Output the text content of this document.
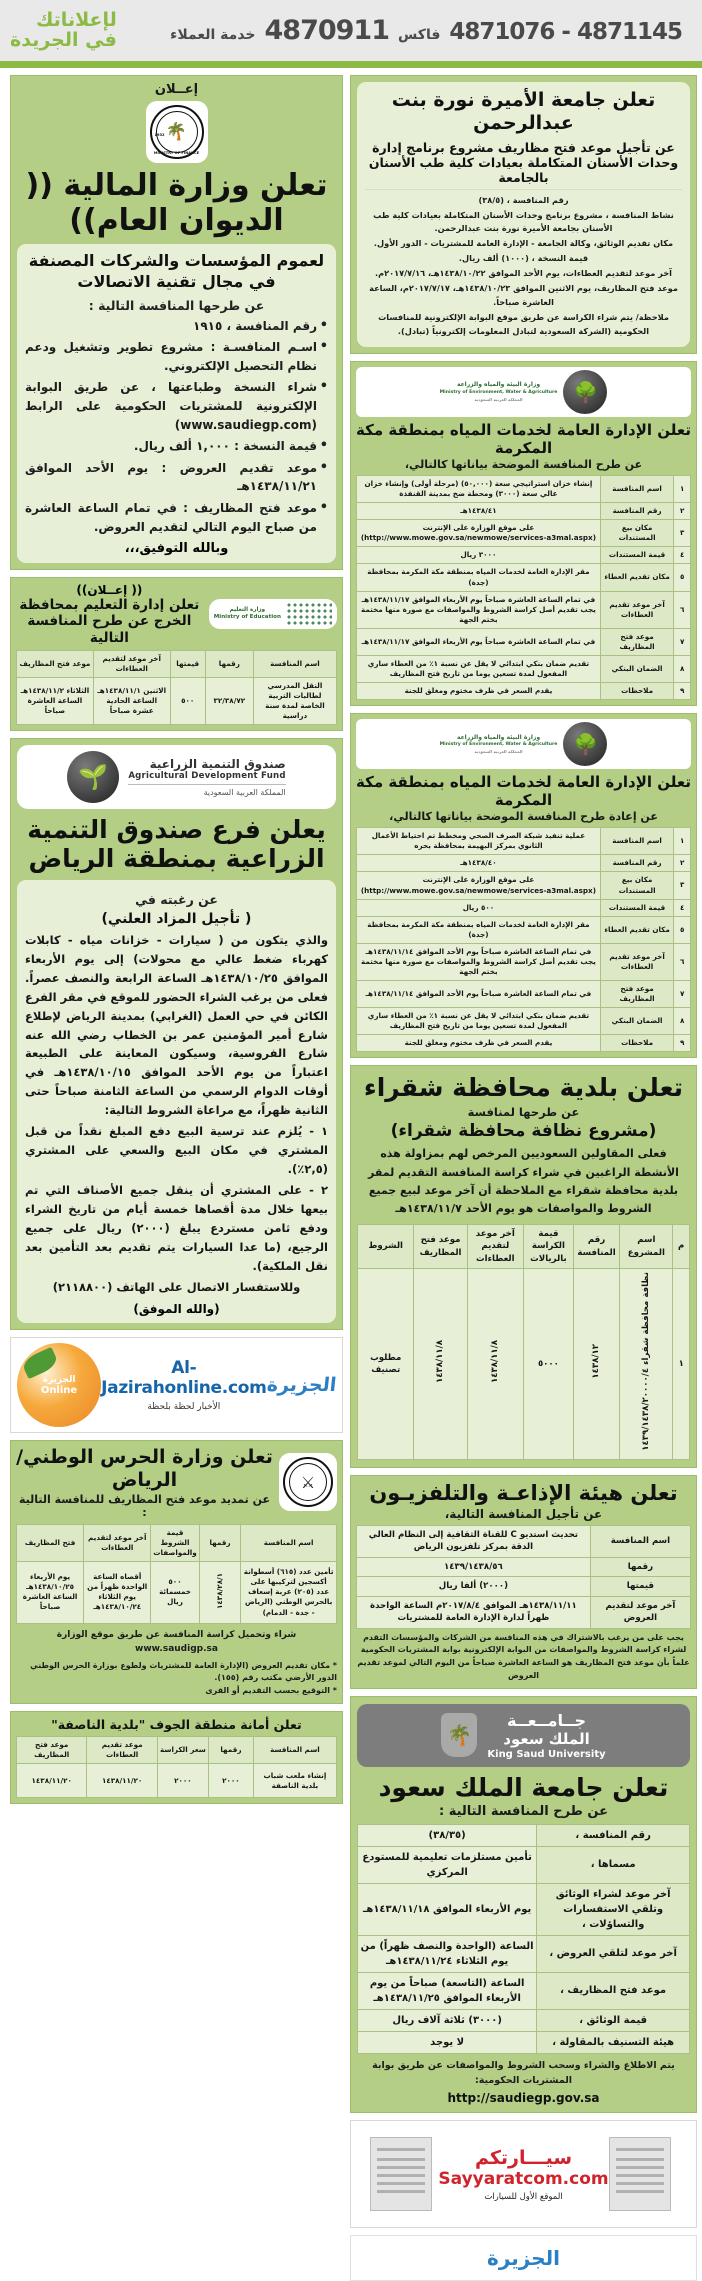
4871145 - 4871076
فاكس
4870911
خدمة العملاء
لإعلاناتك
في الجريدة
تعلن جامعة الأميرة نورة بنت عبدالرحمن
عن تأجيل موعد فتح مظاريف مشروع برنامج إدارة وحدات الأسنان المتكاملة بعيادات كلية طب الأسنان بالجامعة

رقم المنافسة ، (٣٨/٥)

نشاط المنافسة ، مشروع برنامج وحدات الأسنان المتكاملة بعيادات كلية طب الأسنان بجامعة الأميرة نورة بنت عبدالرحمن.

مكان تقديم الوثائق، وكالة الجامعة - الإدارة العامة للمشتريات - الدور الأول.

قيمة النسخة ، (١٠٠٠) ألف ريال.

آخر موعد لتقديم العطاءات، يوم الأحد الموافق ١٤٣٨/١٠/٢٢هـ، ٢٠١٧/٧/١٦م.

موعد فتح المظاريف، يوم الاثنين الموافق ١٤٣٨/١٠/٢٣هـ، ٢٠١٧/٧/١٧م، الساعة العاشرة صباحاً.

ملاحظة/ يتم شراء الكراسة عن طريق موقع البوابة الإلكترونية للمنافسات الحكومية (الشركة السعودية لتبادل المعلومات إلكترونياً (تبادل).

🌳
وزارة البيئة والمياه والزراعة
Ministry of Environment, Water & Agriculture
المملكة العربية السعودية
تعلن الإدارة العامة لخدمات المياه بمنطقة مكة المكرمة
عن طرح المنافسة الموضحة بياناتها كالتالي،
١	اسم المنافسة	إنشاء خزان استراتيجي سعة (٥٠,٠٠٠) (مرحلة أولى) وإنشاء خزان عالي سعة (٣٠٠٠) ومحطة ضخ بمدينة القنفذة
٢	رقم المنافسة	١٤٣٨/٤١هـ
٣	مكان بيع المستندات	على موقع الوزارة على الإنترنت (http://www.mowe.gov.sa/newmowe/services-a3mal.aspx)
٤	قيمة المستندات	٣٠٠٠ ريال
٥	مكان تقديم العطاء	مقر الإدارة العامة لخدمات المياه بمنطقة مكة المكرمة بمحافظة (جدة)
٦	آخر موعد تقديم العطاءات	في تمام الساعة العاشرة صباحاً يوم الأربعاء الموافق ١٤٣٨/١١/١٧هـ يجب تقديم أصل كراسة الشروط والمواصفات مع صورة منها مختمة بختم الجهة
٧	موعد فتح المظاريف	في تمام الساعة العاشرة صباحاً يوم الأربعاء الموافق ١٤٣٨/١١/١٧هـ
٨	الضمان البنكي	تقديم ضمان بنكي ابتدائي لا يقل عن نسبة ١٪ من العطاء ساري المفعول لمدة تسعين يوما من تاريخ فتح المظاريف
٩	ملاحظات	يقدم السعر في ظرف مختوم ومغلق للجنة
🌳
وزارة البيئة والمياه والزراعة
Ministry of Environment, Water & Agriculture
المملكة العربية السعودية
تعلن الإدارة العامة لخدمات المياه بمنطقة مكة المكرمة
عن إعادة طرح المنافسة الموضحة بياناتها كالتالي،
١	اسم المنافسة	عملية تنفيذ شبكة الصرف الصحي ومخطط تم احتياط الأعمال الثانوي بمركز البهيمة بمحافظة بحره
٢	رقم المنافسة	١٤٣٨/٤٠هـ
٣	مكان بيع المستندات	على موقع الوزارة على الإنترنت (http://www.mowe.gov.sa/newmowe/services-a3mal.aspx)
٤	قيمة المستندات	٥٠٠ ريال
٥	مكان تقديم العطاء	مقر الإدارة العامة لخدمات المياه بمنطقة مكة المكرمة بمحافظة (جدة)
٦	آخر موعد تقديم العطاءات	في تمام الساعة العاشرة صباحاً يوم الأحد الموافق ١٤٣٨/١١/١٤هـ يجب تقديم أصل كراسة الشروط والمواصفات مع صورة منها مختمة بختم الجهة
٧	موعد فتح المظاريف	في تمام الساعة العاشرة صباحاً يوم الأحد الموافق ١٤٣٨/١١/١٤هـ
٨	الضمان البنكي	تقديم ضمان بنكي ابتدائي لا يقل عن نسبة ١٪ من العطاء ساري المفعول لمدة تسعين يوما من تاريخ فتح المظاريف
٩	ملاحظات	يقدم السعر في ظرف مختوم ومغلق للجنة
تعلن بلدية محافظة شقراء
عن طرحها لمنافسة
(مشروع نظافة محافظة شقراء)
فعلى المقاولين السعوديين المرخص لهم بمزاولة هذه الأنشطة الراغبين في شراء كراسة المنافسة التقديم لمقر بلدية محافظة شقراء مع الملاحظة أن آخر موعد لبيع جميع الشروط والمواصفات هو يوم الأحد ١٤٣٨/١١/٧هـ
م	اسم المشروع	رقم المنافسة	قيمة الكراسة بالريالات	آخر موعد لتقديم العطاءات	موعد فتح المظاريف	الشروط
١	نظافة محافظة شقراء ١٤٣٩/١٤٣٨/٢٠٠٠٠/٤	١٤٣٨/١٢	٥٠٠٠	١٤٣٨/١١/٨	١٤٣٨/١١/٨	مطلوب تصنيف
تعلن هيئة الإذاعـة والتلفزيـون
عن تأجيل المنافسة التالية،
اسم المنافسة	تحديث استديو C للقناة الثقافية إلى النظام العالي الدقة بمركز تلفزيون الرياض
رقمها	١٤٣٩/١٤٣٨/٥٦
قيمتها	(٢٠٠٠) ألفا ريال
آخر موعد لتقديم العروض	١٤٣٨/١١/١١هـ الموافق ٢٠١٧/٨/٤م الساعة الواحدة ظهراً لدارة الإدارة العامة للمشتريات
يجب على من يرغب بالاشتراك في هذه المنافسة من الشركات والمؤسسات التقدم لشراء كراسة الشروط والمواصفات من البوابة الإلكترونية بوابة المشتريات الحكومية علماً بأن موعد فتح المظاريف هو الساعة العاشرة صباحاً من اليوم التالي لموعد تقديم العروض
جــامــعــة
الملك سعود
King Saud University
🌴
تعلن جامعة الملك سعود
عن طرح المنافسة التالية :
رقم المنافسة ،	(٣٨/٣٥)
مسماها ،	تأمين مستلزمات تعليمية للمستودع المركزي
آخر موعد لشراء الوثائق وتلقي الاستفسارات والتساؤلات ،	يوم الأربعاء الموافق ١٤٣٨/١١/١٨هـ
آخر موعد لتلقي العروض ،	الساعة (الواحدة والنصف ظهراً) من يوم الثلاثاء ١٤٣٨/١١/٢٤هـ
موعد فتح المظاريف ،	الساعة (التاسعة) صباحاً من يوم الأربعاء الموافق ١٤٣٨/١١/٢٥هـ
قيمة الوثائق ،	(٣٠٠٠) ثلاثة آلاف ريال
هيئة التسنيف بالمقاولة ،	لا يوجد
يتم الاطلاع والشراء وسحب الشروط والمواصفات عن طريق بوابة المشتريات الحكومية:
http://saudiegp.gov.sa
سيـــارتكم
Sayyaratcom.com
الموقع الأول للسيارات
الجزيرة
إعــلان
🌴
MINISTRY OF FINANCE
1932
تعلن وزارة المالية (( الديوان العام))
لعموم المؤسسات والشركات المصنفة
في مجال تقنية الاتصالات
عن طرحها المنافسة التالية :
• رقم المنافسة ، ١٩١٥
• اسـم المنافسـة : مشروع تطوير وتشغيل ودعم نظام التحصيل الإلكتروني.
• شراء النسخة وطباعتها ، عن طريق البوابة الإلكترونية للمشتريات الحكومية على الرابط (www.saudiegp.com)
• قيمة النسخة : ١,٠٠٠ ألف ريال.
• موعد تقديم العروض : يوم الأحد الموافق ١٤٣٨/١١/٢١هـ
• موعد فتح المظاريف : في تمام الساعة العاشرة من صباح اليوم التالي لتقديم العروض.
وبالله التوفيق،،،
وزارة التعليم
Ministry of Education
(( إعــلان))
تعلن إدارة التعليم بمحافظة الخرج عن طرح المنافسة التالية
اسم المنافسة	رقمها	قيمتها	آخر موعد لتقديم العطاءات	موعد فتح المظاريف
النقل المدرسي لطالبات التربية الخاصة لمدة سنة دراسية	٣٢/٣٨/٧٢	٥٠٠	الاثنين ١٤٣٨/١١/١هـ الساعة الحادية عشرة صباحاً	الثلاثاء ١٤٣٨/١١/٢هـ الساعة العاشرة صباحاً
صندوق التنمية الزراعية
Agricultural Development Fund
المملكة العربية السعودية
🌱
يعلن فرع صندوق التنمية الزراعية بمنطقة الرياض
عن رغبته في
( تأجيل المزاد العلني)

والذي يتكون من ( سيارات - خزانات مياه - كابلات كهرباء ضغط عالي مع محولات) إلى يوم الأربعاء الموافق ١٤٣٨/١٠/٢٥هـ الساعة الرابعة والنصف عصراً. فعلى من يرغب الشراء الحضور للموقع في مقر الفرع الكائن في حي العمل (الغرابي) بمدينة الرياض لإطلاع شارع أمير المؤمنين عمر بن الخطاب رضي الله عنه شارع الفروسية، وسيكون المعاينة على الطبيعة اعتباراً من يوم الأحد الموافق ١٤٣٨/١٠/١٥هـ في أوقات الدوام الرسمي من الساعة الثامنة صباحاً حتى الثانية ظهراً، مع مراعاة الشروط التالية:

١ - يُلزم عند ترسية البيع دفع المبلغ نقداً من قبل المشتري في مكان البيع والسعي على المشتري (٢,٥٪).

٢ - على المشتري أن ينقل جميع الأصناف التي تم بيعها خلال مدة أقصاها خمسة أيام من تاريخ الشراء ودفع ثامن مستردع يبلغ (٢٠٠٠) ريال على جميع الرجيع، (ما عدا السيارات يتم تقديم بعد التأمين بعد نقل الملكية).

وللاستفسار الاتصال على الهاتف (٢١١٨٨٠٠)
(والله الموفق)
الجزيرة
Al-Jazirahonline.com
الأخبار لحظة بلحظة
الجزيرة
Online
⚔
تعلن وزارة الحرس الوطني/ الرياض
عن تمديد موعد فتح المظاريف للمنافسة التالية :
اسم المنافسة	رقمها	قيمة الشروط والمواصفات	آخر موعد لتقديم العطاءات	فتح المظاريف
تأمين عدد (٦١٥) أسطوانة أكسجين لتركيبها على عدد (٢٠٥) عربة إسعاف بالحرس الوطني (الرياض - جدة - الدمام)	١٤٣٨/٢٨/١	٥٠٠ خمسمائة ريال	أقصاه الساعة الواحدة ظهراً من يوم الثلاثاء ١٤٣٨/١٠/٢٤هـ	يوم الأربعاء ١٤٣٨/١٠/٢٥هـ الساعة العاشرة صباحاً
شراء وتحميل كراسة المنافسة عن طريق موقع الوزارة www.saudigp.sa
* مكان تقديم العروض (الإدارة العامة للمشتريات ولطوع بوزارة الحرس الوطني الدور الأرضي مكتب رقم (١٥٥).
* التوقيع بحسب التقديم أو القرى
تعلن أمانة منطقة الجوف "بلدية الناصفة"
اسم المنافسة	رقمها	سعر الكراسة	موعد تقديم العطاءات	موعد فتح المظاريف
إنشاء ملعب شباب بلدية الناصفة	٢٠٠٠	٢٠٠٠	١٤٣٨/١١/٢٠	١٤٣٨/١١/٢٠
